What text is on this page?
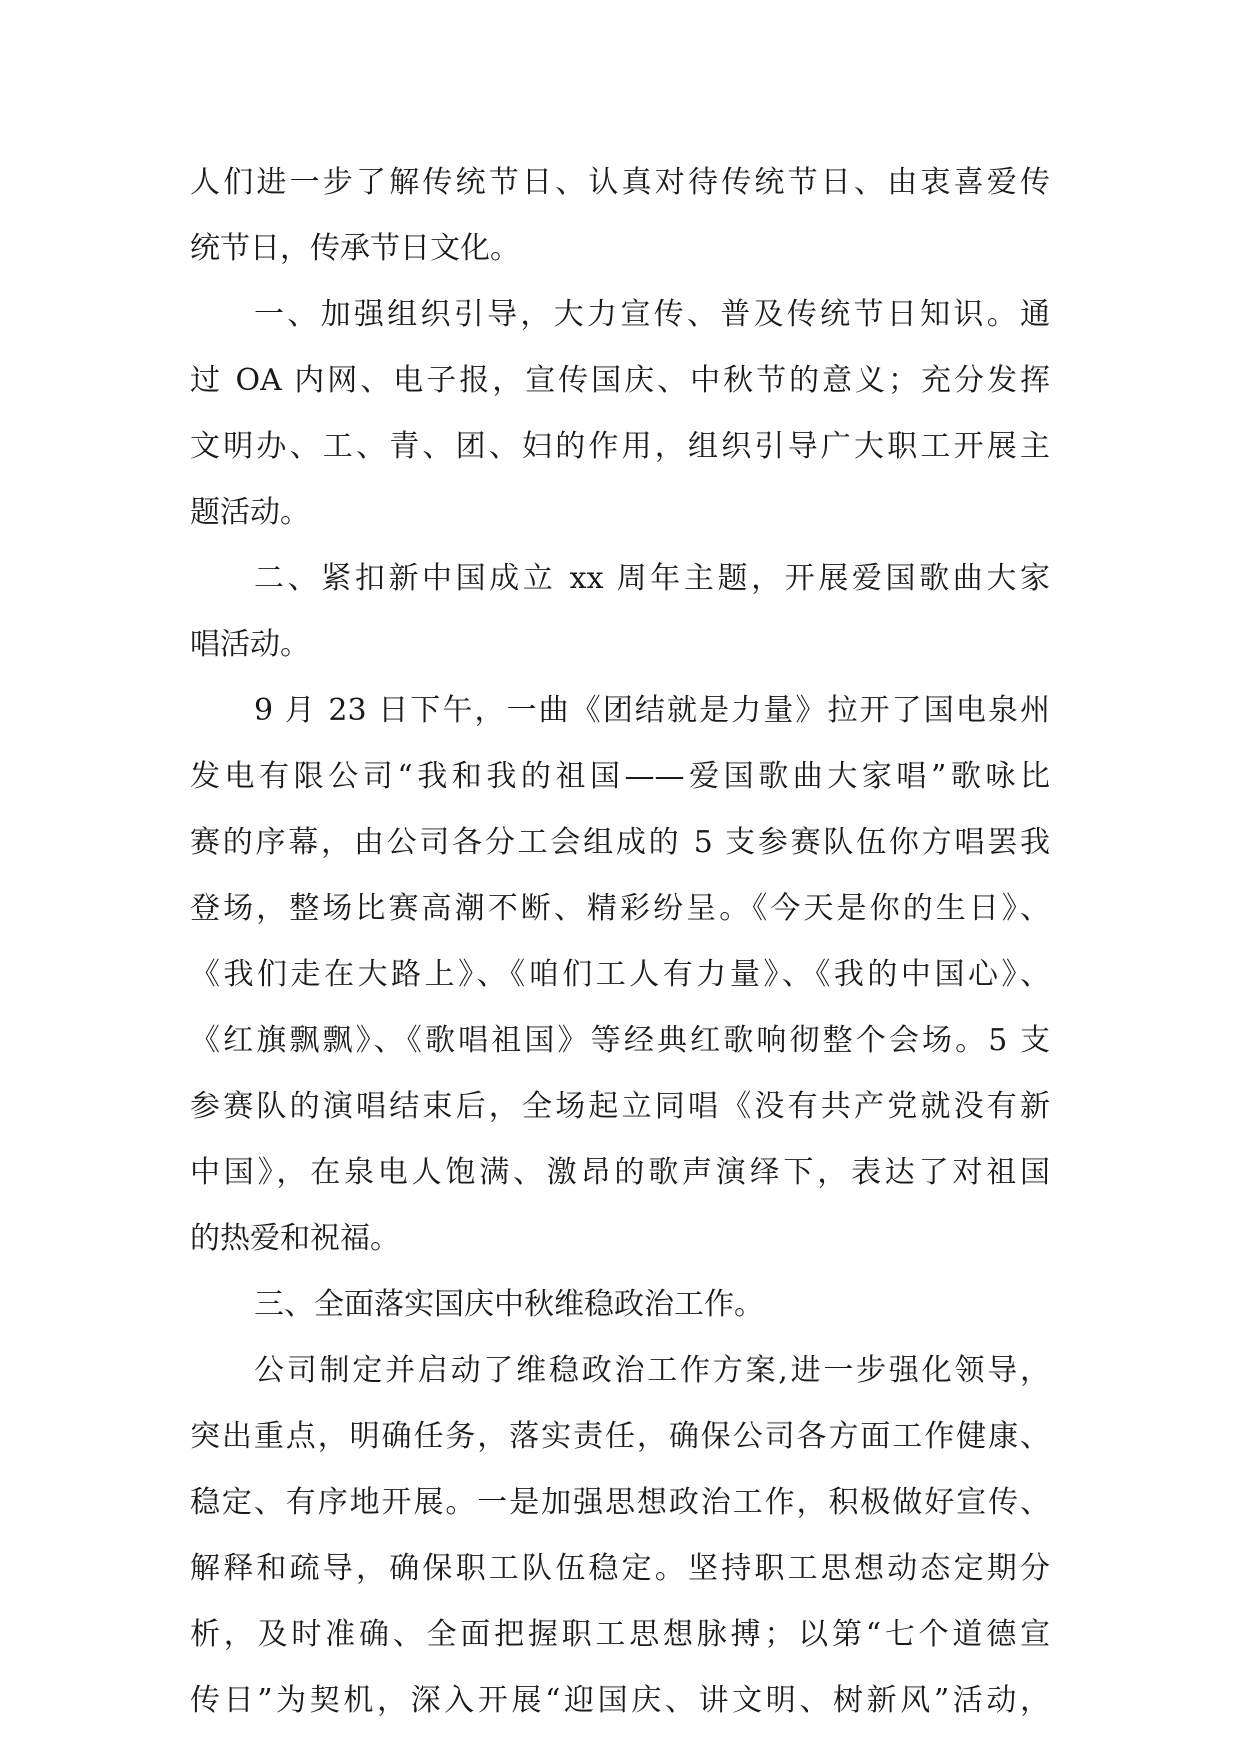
人们进一步了解传统节日、认真对待传统节日、由衷喜爱传
统节日，传承节日文化。
一、加强组织引导，大力宣传、普及传统节日知识。通
过 OA 内网、电子报，宣传国庆、中秋节的意义；充分发挥
文明办、工、青、团、妇的作用，组织引导广大职工开展主
题活动。
二、紧扣新中国成立 xx 周年主题，开展爱国歌曲大家
唱活动。
9 月 23 日下午，一曲《团结就是力量》拉开了国电泉州
发电有限公司“我和我的祖国——爱国歌曲大家唱”歌咏比
赛的序幕，由公司各分工会组成的 5 支参赛队伍你方唱罢我
登场，整场比赛高潮不断、精彩纷呈。《今天是你的生日》、
《我们走在大路上》、《咱们工人有力量》、《我的中国心》、
《红旗飘飘》、《歌唱祖国》等经典红歌响彻整个会场。5 支
参赛队的演唱结束后，全场起立同唱《没有共产党就没有新
中国》，在泉电人饱满、激昂的歌声演绎下，表达了对祖国
的热爱和祝福。
三、全面落实国庆中秋维稳政治工作。
公司制定并启动了维稳政治工作方案,进一步强化领导，
突出重点，明确任务，落实责任，确保公司各方面工作健康、
稳定、有序地开展。一是加强思想政治工作，积极做好宣传、
解释和疏导，确保职工队伍稳定。坚持职工思想动态定期分
析，及时准确、全面把握职工思想脉搏；以第“七个道德宣
传日”为契机，深入开展“迎国庆、讲文明、树新风”活动，
